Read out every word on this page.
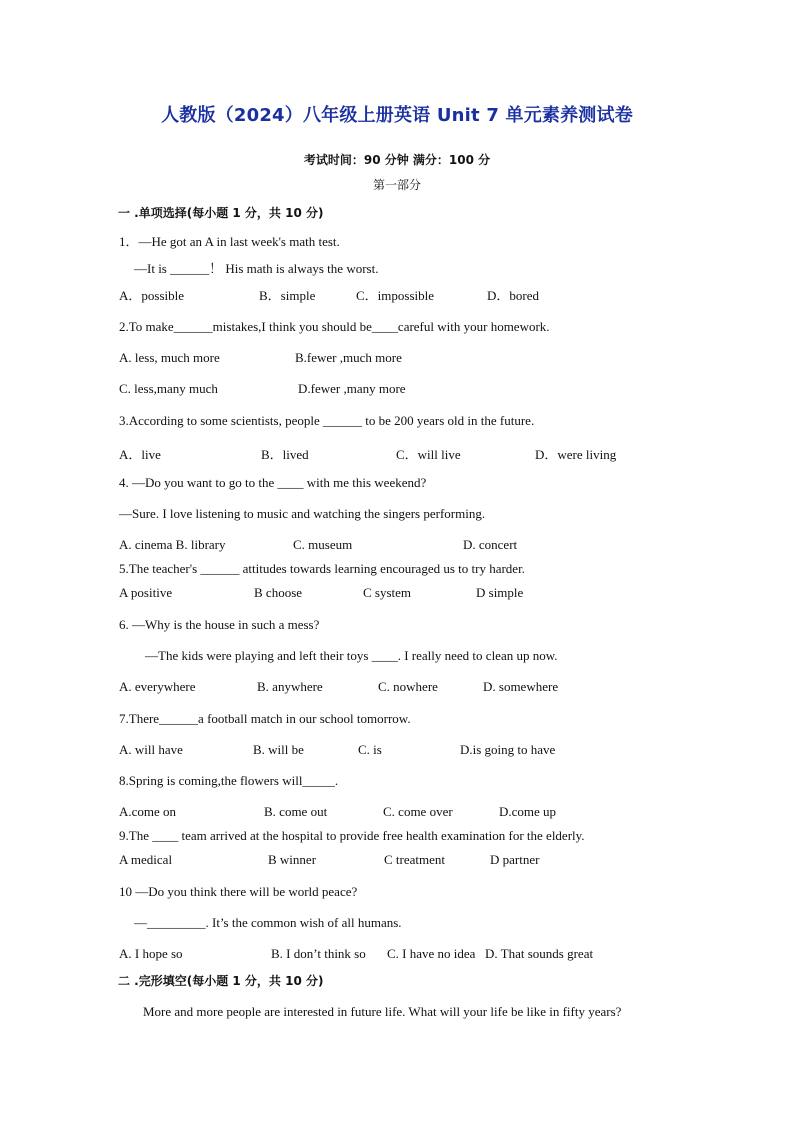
人教版（2024）八年级上册英语 Unit 7 单元素养测试卷
考试时间：90 分钟 满分：100 分
第一部分
一 .单项选择(每小题 1 分，共 10 分)
1．—He got an A in last week's math test.
—It is ______！ His math is always the worst.
A．possible	B．simple	C．impossible	D．bored
2.To make______mistakes,I think you should be____careful with your homework.
A. less, much more	B.fewer ,much more
C. less,many much	D.fewer ,many more
3.According to some scientists, people ______ to be 200 years old in the future.
A．live	B．lived	C．will live	D．were living
4. —Do you want to go to the ____ with me this weekend?
—Sure. I love listening to music and watching the singers performing.
A. cinema B. library	C. museum	D. concert
5.The teacher's ______ attitudes towards learning encouraged us to try harder.
A positive	B choose	C system	D simple
6. —Why is the house in such a mess?
—The kids were playing and left their toys ____. I really need to clean up now.
A. everywhere	B. anywhere	C. nowhere	D. somewhere
7.There______a football match in our school tomorrow.
A. will have	B. will be	C. is	D.is going to have
8.Spring is coming,the flowers will_____.
A.come on	B. come out	C. come over	D.come up
9.The ____ team arrived at the hospital to provide free health examination for the elderly.
A medical	B winner	C treatment	D partner
10 —Do you think there will be world peace?
—_________. It’s the common wish of all humans.
A. I hope so	B. I don’t think so C. I have no idea D. That sounds great
二 .完形填空(每小题 1 分，共 10 分)
More and more people are interested in future life. What will your life be like in fifty years?
